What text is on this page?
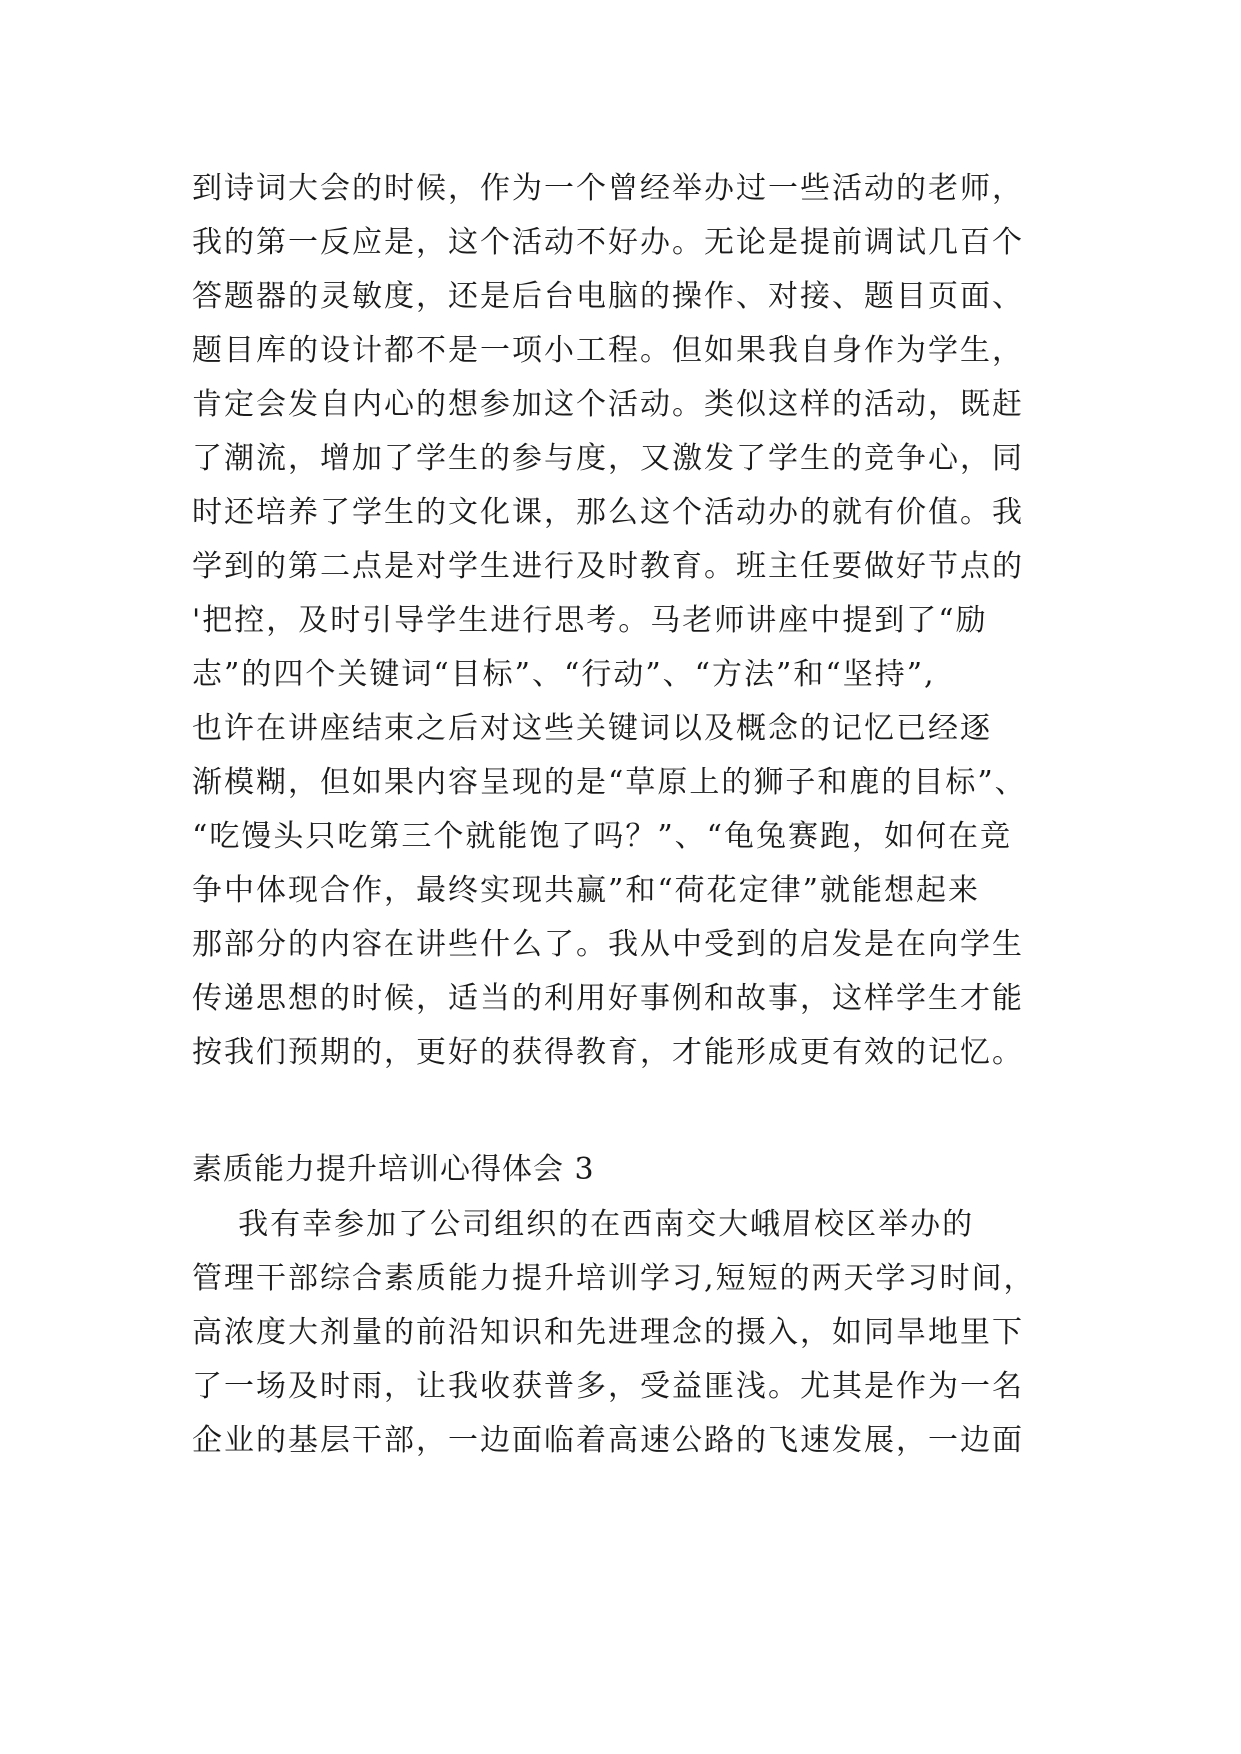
到诗词大会的时候，作为一个曾经举办过一些活动的老师，
我的第一反应是，这个活动不好办。无论是提前调试几百个
答题器的灵敏度，还是后台电脑的操作、对接、题目页面、
题目库的设计都不是一项小工程。但如果我自身作为学生，
肯定会发自内心的想参加这个活动。类似这样的活动，既赶
了潮流，增加了学生的参与度，又激发了学生的竞争心，同
时还培养了学生的文化课，那么这个活动办的就有价值。我
学到的第二点是对学生进行及时教育。班主任要做好节点的
'把控，及时引导学生进行思考。马老师讲座中提到了“励
志”的四个关键词“目标”、“行动”、“方法”和“坚持”,
也许在讲座结束之后对这些关键词以及概念的记忆已经逐
渐模糊，但如果内容呈现的是“草原上的狮子和鹿的目标”、
“吃馒头只吃第三个就能饱了吗？”、“龟兔赛跑，如何在竞
争中体现合作，最终实现共赢”和“荷花定律”就能想起来
那部分的内容在讲些什么了。我从中受到的启发是在向学生
传递思想的时候，适当的利用好事例和故事，这样学生才能
按我们预期的，更好的获得教育，才能形成更有效的记忆。
素质能力提升培训心得体会 3
我有幸参加了公司组织的在西南交大峨眉校区举办的
管理干部综合素质能力提升培训学习,短短的两天学习时间，
高浓度大剂量的前沿知识和先进理念的摄入，如同旱地里下
了一场及时雨，让我收获普多，受益匪浅。尤其是作为一名
企业的基层干部，一边面临着高速公路的飞速发展，一边面
